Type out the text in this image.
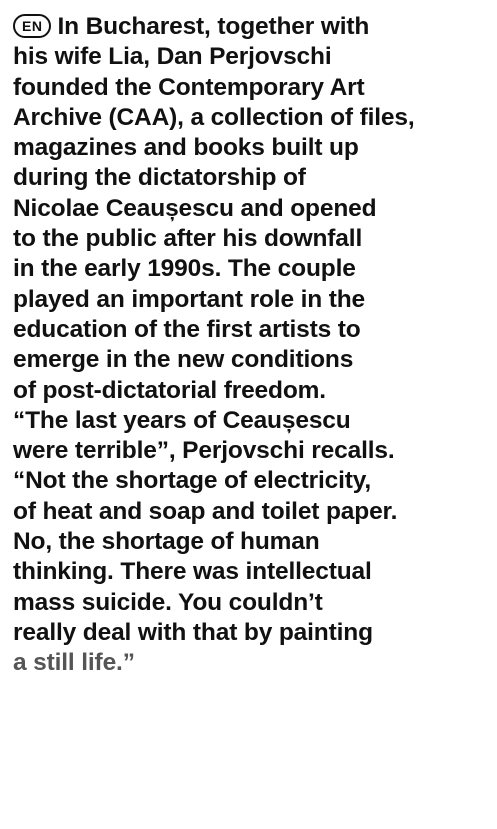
EN In Bucharest, together with
his wife Lia, Dan Perjovschi
founded the Contemporary Art
Archive (CAA), a collection of files,
magazines and books built up
during the dictatorship of
Nicolae Ceaușescu and opened
to the public after his downfall
in the early 1990s. The couple
played an important role in the
education of the first artists to
emerge in the new conditions
of post-dictatorial freedom.
“The last years of Ceaușescu
were terrible”, Perjovschi recalls.
“Not the shortage of electricity,
of heat and soap and toilet paper.
No, the shortage of human
thinking. There was intellectual
mass suicide. You couldn’t
really deal with that by painting
a still life.”
